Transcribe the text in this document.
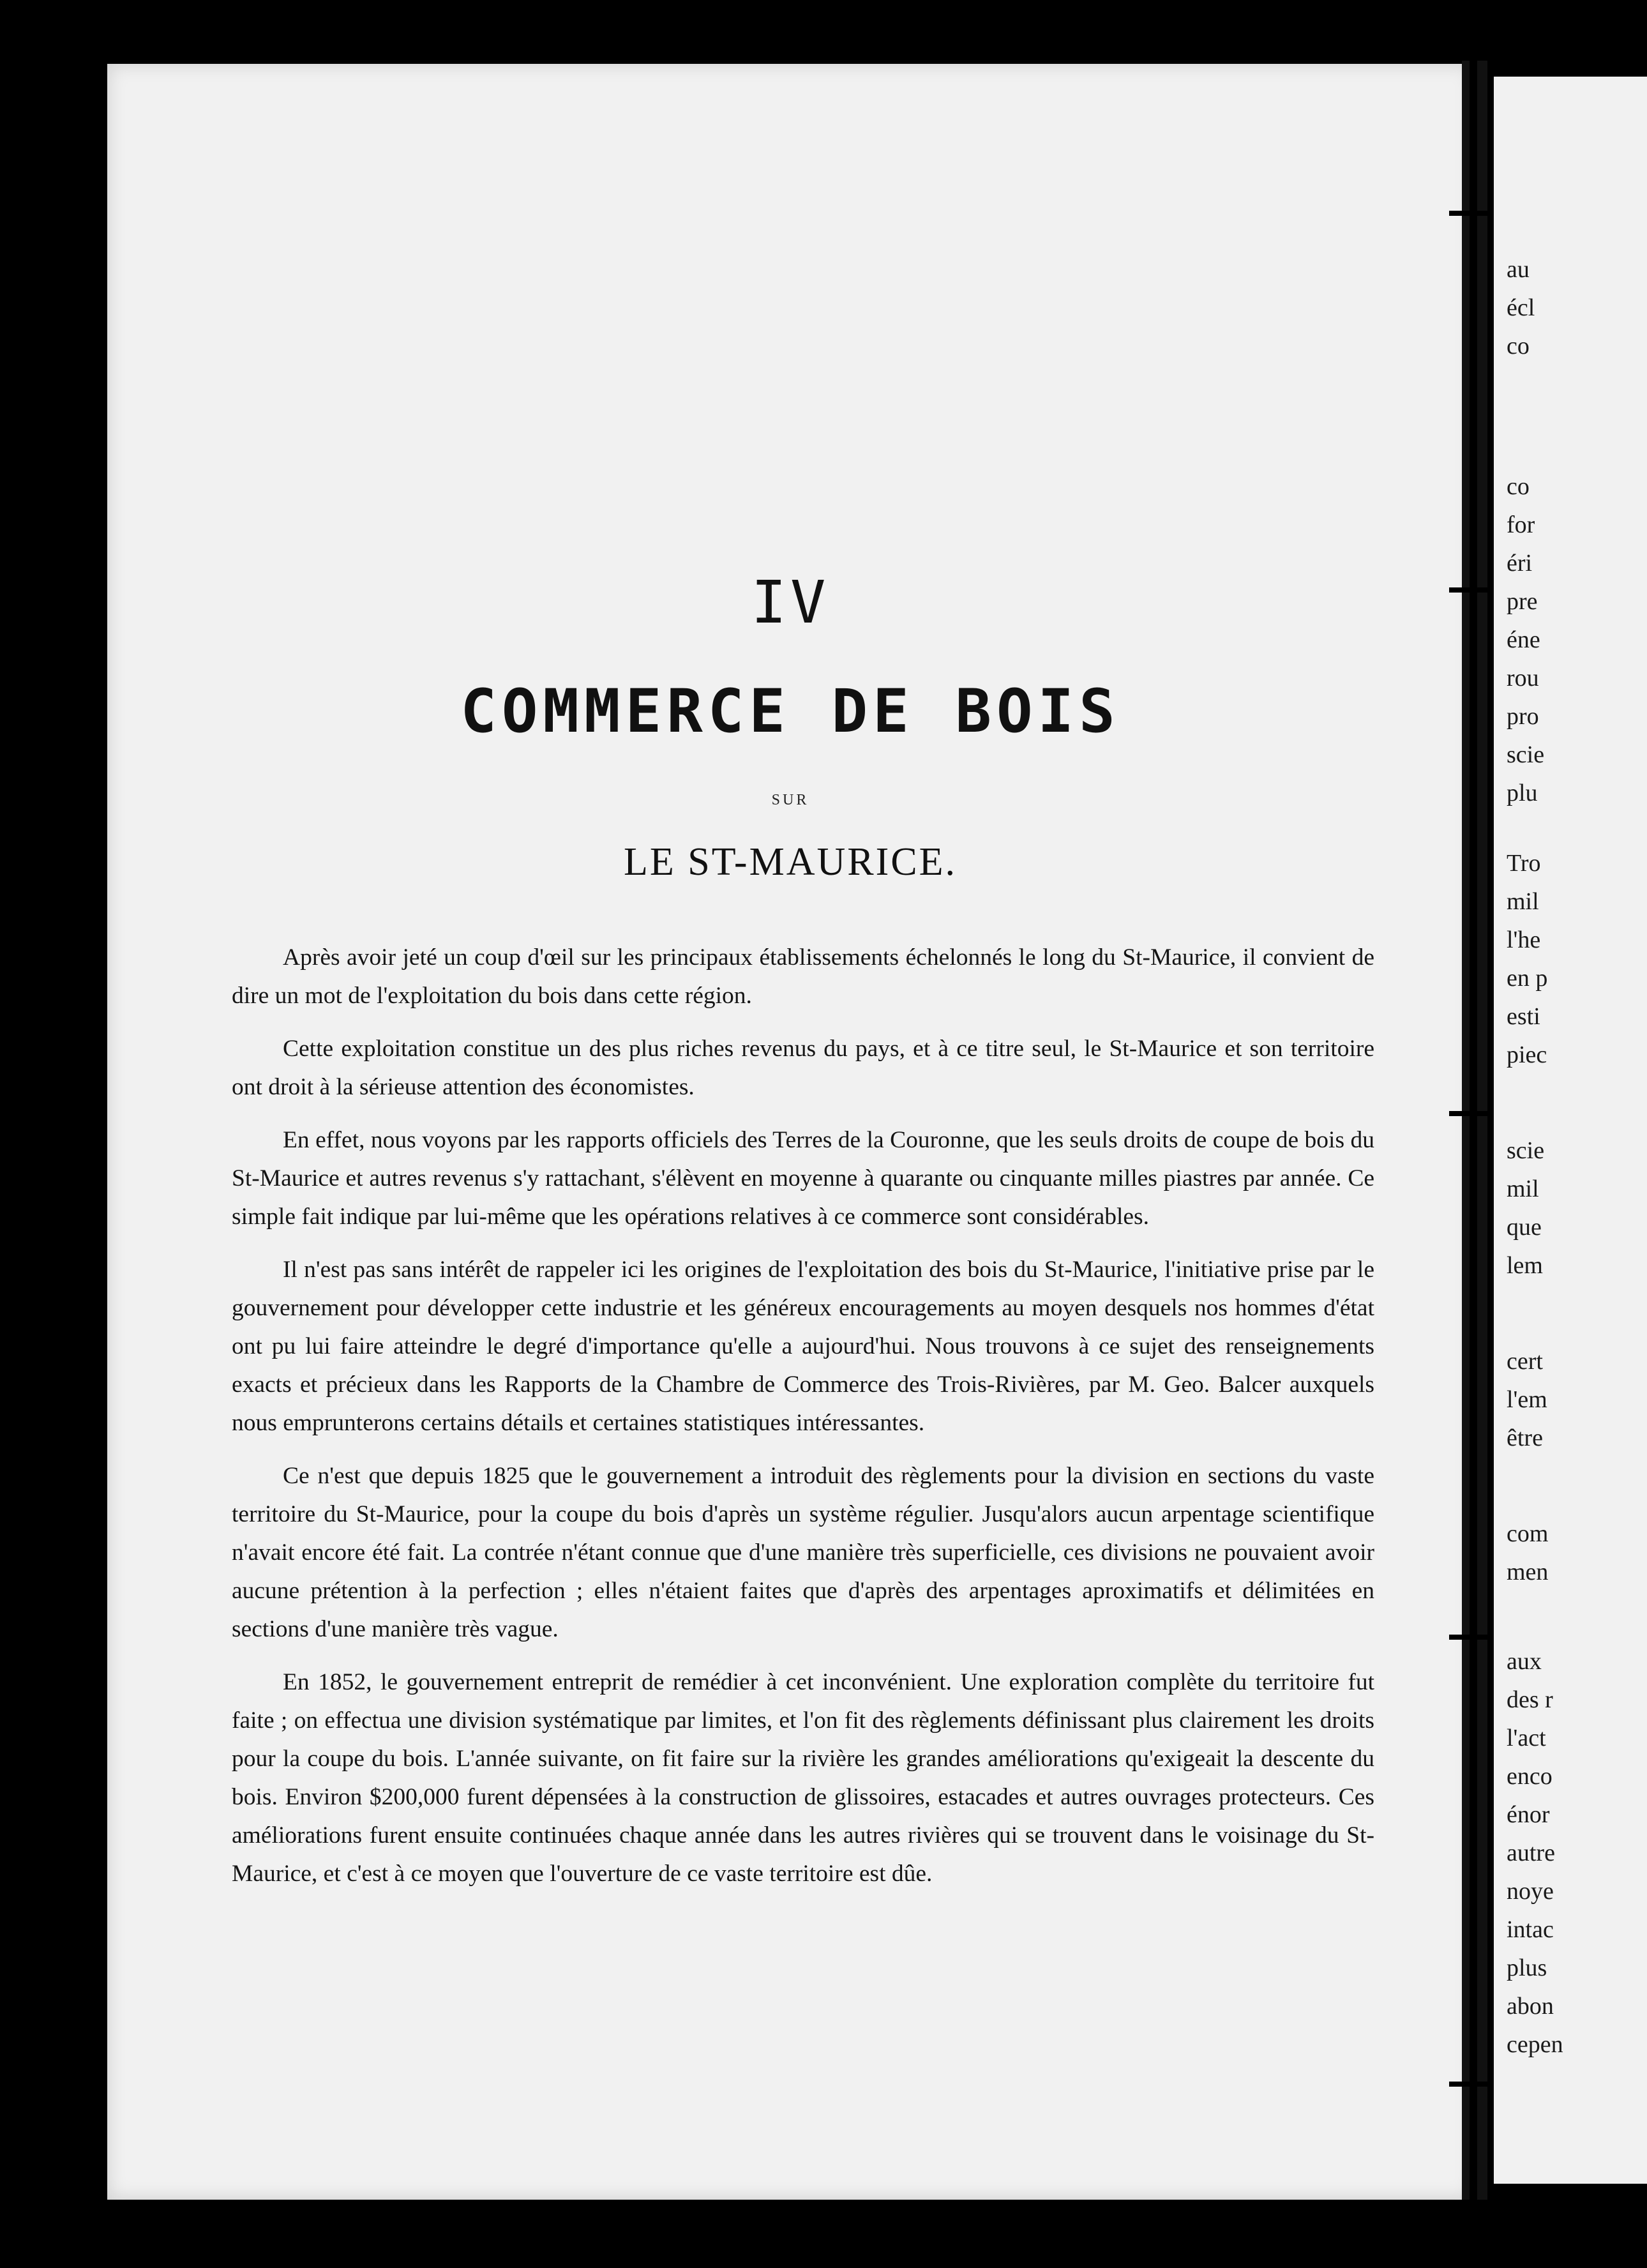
IV
COMMERCE DE BOIS
SUR
LE ST-MAURICE.

Après avoir jeté un coup d'œil sur les principaux établissements échelonnés le long du St-Maurice, il convient de dire un mot de l'exploitation du bois dans cette région.

Cette exploitation constitue un des plus riches revenus du pays, et à ce titre seul, le St-Maurice et son territoire ont droit à la sérieuse attention des économistes.

En effet, nous voyons par les rapports officiels des Terres de la Couronne, que les seuls droits de coupe de bois du St-Maurice et autres revenus s'y rattachant, s'élèvent en moyenne à quarante ou cinquante milles piastres par année. Ce simple fait indique par lui-même que les opérations relatives à ce commerce sont considérables.

Il n'est pas sans intérêt de rappeler ici les origines de l'exploitation des bois du St-Maurice, l'initiative prise par le gouvernement pour développer cette industrie et les généreux encouragements au moyen desquels nos hommes d'état ont pu lui faire atteindre le degré d'importance qu'elle a aujourd'hui. Nous trouvons à ce sujet des renseignements exacts et précieux dans les Rapports de la Chambre de Commerce des Trois-Rivières, par M. Geo. Balcer auxquels nous emprunterons certains détails et certaines statistiques intéressantes.

Ce n'est que depuis 1825 que le gouvernement a introduit des règlements pour la division en sections du vaste territoire du St-Maurice, pour la coupe du bois d'après un système régulier. Jusqu'alors aucun arpentage scientifique n'avait encore été fait. La contrée n'étant connue que d'une manière très superficielle, ces divisions ne pouvaient avoir aucune prétention à la perfection ; elles n'étaient faites que d'après des arpentages aproximatifs et délimitées en sections d'une manière très vague.

En 1852, le gouvernement entreprit de remédier à cet inconvénient. Une exploration complète du territoire fut faite ; on effectua une division systématique par limites, et l'on fit des règlements définissant plus clairement les droits pour la coupe du bois. L'année suivante, on fit faire sur la rivière les grandes améliorations qu'exigeait la descente du bois. Environ $200,000 furent dépensées à la construction de glissoires, estacades et autres ouvrages protecteurs. Ces améliorations furent ensuite continuées chaque année dans les autres rivières qui se trouvent dans le voisinage du St-Maurice, et c'est à ce moyen que l'ouverture de ce vaste territoire est dûe.

au
écl
co
co
for
éri
pre
éne
rou
pro
scie
plu
Tro
mil
l'he
en p
esti
piec
scie
mil
que
lem
cert
l'em
être
com
men
aux
des r
l'act
enco
énor
autre
noye
intac
plus
abon
cepen
